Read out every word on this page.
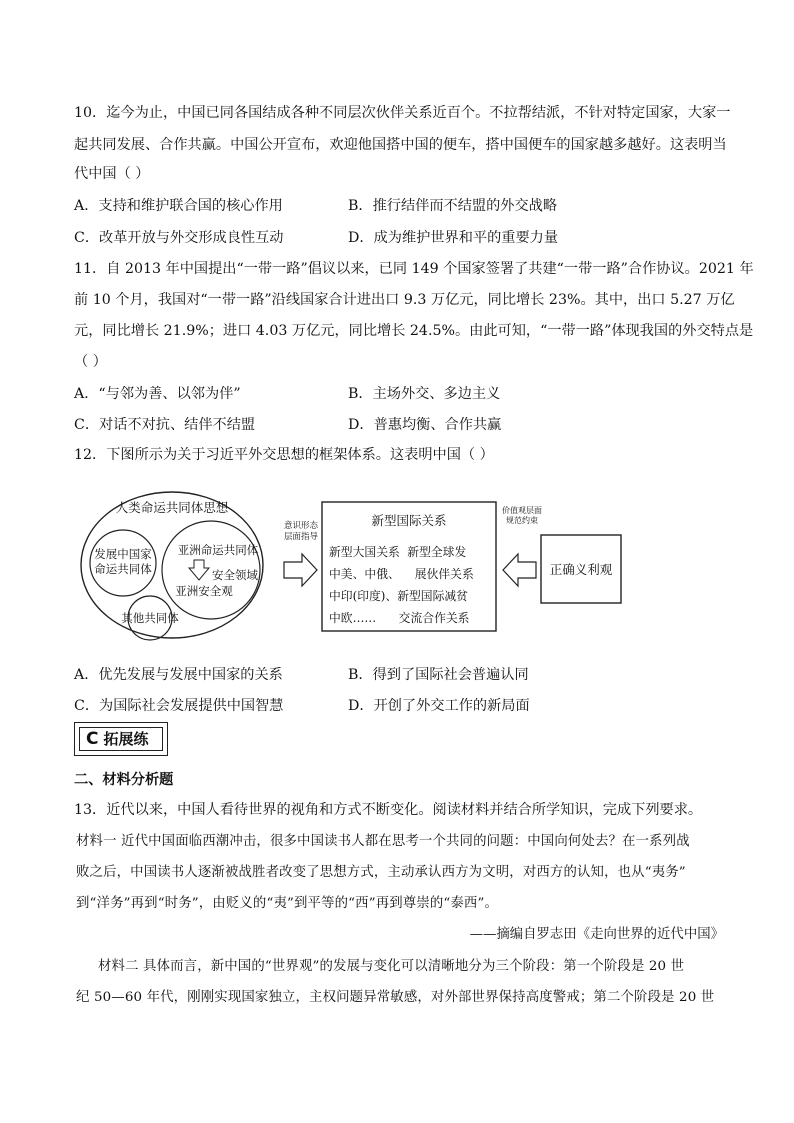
10．迄今为止，中国已同各国结成各种不同层次伙伴关系近百个。不拉帮结派，不针对特定国家，大家一
起共同发展、合作共赢。中国公开宣布，欢迎他国搭中国的便车，搭中国便车的国家越多越好。这表明当
代中国（ ）
A．支持和维护联合国的核心作用	B．推行结伴而不结盟的外交战略
C．改革开放与外交形成良性互动	D．成为维护世界和平的重要力量
11．自 2013 年中国提出“一带一路”倡议以来，已同 149 个国家签署了共建“一带一路”合作协议。2021 年
前 10 个月，我国对“一带一路”沿线国家合计进出口 9.3 万亿元，同比增长 23%。其中，出口 5.27 万亿
元，同比增长 21.9%；进口 4.03 万亿元，同比增长 24.5%。由此可知，“一带一路”体现我国的外交特点是
（ ）
A．“与邻为善、以邻为伴”	B．主场外交、多边主义
C．对话不对抗、结伴不结盟	D．普惠均衡、合作共赢
12．下图所示为关于习近平外交思想的框架体系。这表明中国（ ）
人类命运共同体思想
发展中国家
命运共同体
亚洲命运共同体
安全领域
亚洲安全观
其他共同体
意识形态
层面指导
新型国际关系
新型大国关系  新型全球发
中美、中俄、    展伙伴关系
中印(印度)、新型国际减贫
中欧……      交流合作关系
价值观层面
规范约束
正确义利观
A．优先发展与发展中国家的关系	B．得到了国际社会普遍认同
C．为国际社会发展提供中国智慧	D．开创了外交工作的新局面
C 拓展练
二、材料分析题
13．近代以来，中国人看待世界的视角和方式不断变化。阅读材料并结合所学知识，完成下列要求。
材料一 近代中国面临西潮冲击，很多中国读书人都在思考一个共同的问题：中国向何处去？在一系列战
败之后，中国读书人逐渐被战胜者改变了思想方式，主动承认西方为文明，对西方的认知，也从“夷务”
到“洋务”再到“时务”，由贬义的“夷”到平等的“西”再到尊崇的“泰西”。
——摘编自罗志田《走向世界的近代中国》
材料二 具体而言，新中国的“世界观”的发展与变化可以清晰地分为三个阶段：第一个阶段是 20 世
纪 50—60 年代，刚刚实现国家独立，主权问题异常敏感，对外部世界保持高度警戒；第二个阶段是 20 世
